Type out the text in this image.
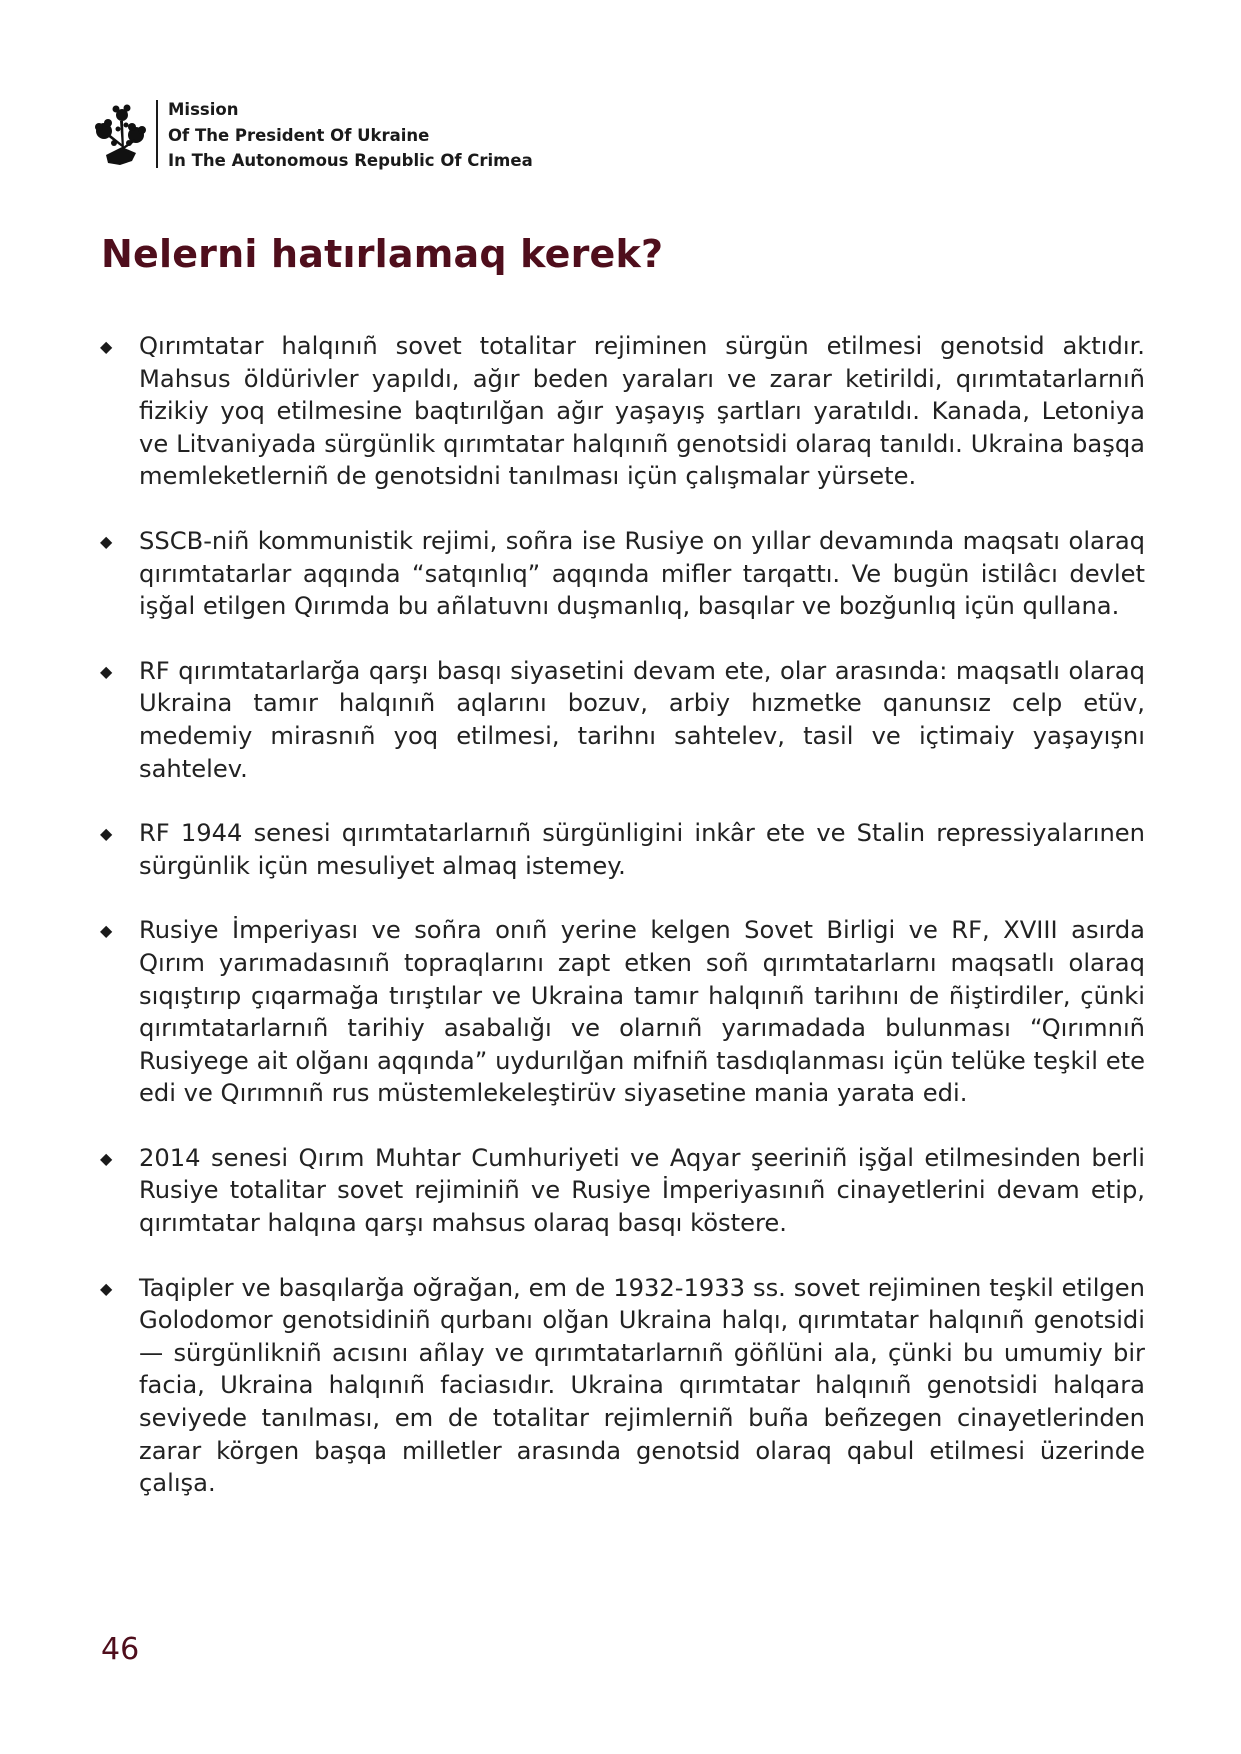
Mission
Of The President Of Ukraine
In The Autonomous Republic Of Crimea
Nelerni hatırlamaq kerek?
◆ Qırımtatar halqınıñ sovet totalitar rejiminen sürgün etilmesi genotsid aktıdır. Mahsus öldürivler yapıldı, ağır beden yaraları ve zarar ketirildi, qırımtatarlarnıñ fizikiy yoq etilmesine baqtırılğan ağır yaşayış şartları yaratıldı. Kanada, Letoniya ve Litvaniyada sürgünlik qırımtatar halqınıñ genotsidi olaraq tanıldı. Ukraina başqa memleketlerniñ de genotsidni tanılması içün çalışmalar yürsete.
◆ SSCB-niñ kommunistik rejimi, soñra ise Rusiye on yıllar devamında maqsatı olaraq qırımtatarlar aqqında “satqınlıq” aqqında mifler tarqattı. Ve bugün istilâcı devlet işğal etilgen Qırımda bu añlatuvnı duşmanlıq, basqılar ve bozğunlıq içün qullana.
◆ RF qırımtatarlarğa qarşı basqı siyasetini devam ete, olar arasında: maqsatlı olaraq Ukraina tamır halqınıñ aqlarını bozuv, arbiy hızmetke qanunsız celp etüv, medemiy mirasnıñ yoq etilmesi, tarihnı sahtelev, tasil ve içtimaiy yaşayışnı sahtelev.
◆ RF 1944 senesi qırımtatarlarnıñ sürgünligini inkâr ete ve Stalin repressiyalarınen sürgünlik içün mesuliyet almaq istemey.
◆ Rusiye İmperiyası ve soñra onıñ yerine kelgen Sovet Birligi ve RF, XVIII asırda Qırım yarımadasınıñ topraqlarını zapt etken soñ qırımtatarlarnı maqsatlı olaraq sıqıştırıp çıqarmağa tırıştılar ve Ukraina tamır halqınıñ tarihını de ñiştirdiler, çünki qırımtatarlarnıñ tarihiy asabalığı ve olarnıñ yarımadada bulunması “Qırımnıñ Rusiyege ait olğanı aqqında” uydurılğan mifniñ tasdıqlanması içün telüke teşkil ete edi ve Qırımnıñ rus müstemlekeleştirüv siyasetine mania yarata edi.
◆ 2014 senesi Qırım Muhtar Cumhuriyeti ve Aqyar şeeriniñ işğal etilmesinden berli Rusiye totalitar sovet rejiminiñ ve Rusiye İmperiyasınıñ cinayetlerini devam etip, qırımtatar halqına qarşı mahsus olaraq basqı köstere.
◆ Taqipler ve basqılarğa oğrağan, em de 1932-1933 ss. sovet rejiminen teşkil etilgen Golodomor genotsidiniñ qurbanı olğan Ukraina halqı, qırımtatar halqınıñ genotsidi — sürgünlikniñ acısını añlay ve qırımtatarlarnıñ göñlüni ala, çünki bu umumiy bir facia, Ukraina halqınıñ faciasıdır. Ukraina qırımtatar halqınıñ genotsidi halqara seviyede tanılması, em de totalitar rejimlerniñ buña beñzegen cinayetlerinden zarar körgen başqa milletler arasında genotsid olaraq qabul etilmesi üzerinde çalışa.
46
